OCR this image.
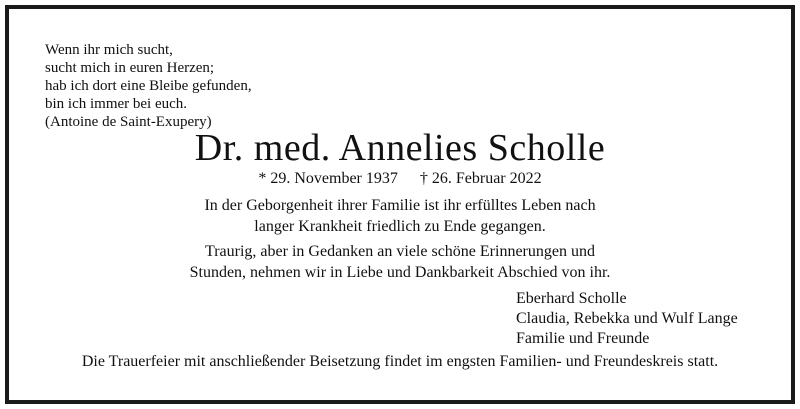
Wenn ihr mich sucht,
sucht mich in euren Herzen;
hab ich dort eine Bleibe gefunden,
bin ich immer bei euch.
(Antoine de Saint-Exupery)
Dr. med. Annelies Scholle
* 29. November 1937 † 26. Februar 2022
In der Geborgenheit ihrer Familie ist ihr erfülltes Leben nach
langer Krankheit friedlich zu Ende gegangen.
Traurig, aber in Gedanken an viele schöne Erinnerungen und
Stunden, nehmen wir in Liebe und Dankbarkeit Abschied von ihr.
Eberhard Scholle
Claudia, Rebekka und Wulf Lange
Familie und Freunde
Die Trauerfeier mit anschließender Beisetzung findet im engsten Familien- und Freundeskreis statt.
